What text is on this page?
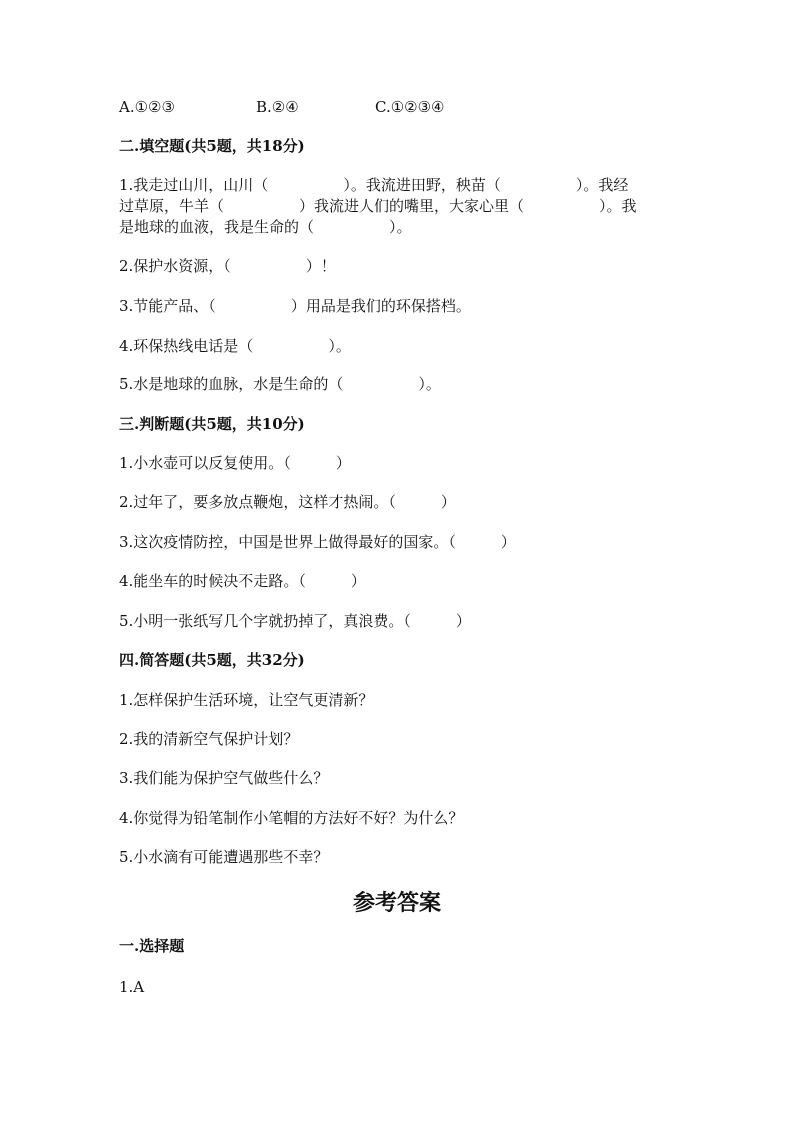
A.①②③	B.②④	C.①②③④
二.填空题(共5题，共18分)
1.我走过山川，山川（　　　　　）。我流进田野，秧苗（　　　　　）。我经
过草原，牛羊（　　　　　）我流进人们的嘴里，大家心里（　　　　　）。我
是地球的血液，我是生命的（　　　　　）。
2.保护水资源，（　　　　　）！
3.节能产品、（　　　　　）用品是我们的环保搭档。
4.环保热线电话是（　　　　　）。
5.水是地球的血脉，水是生命的（　　　　　）。
三.判断题(共5题，共10分)
1.小水壶可以反复使用。（　　　）
2.过年了，要多放点鞭炮，这样才热闹。（　　　）
3.这次疫情防控，中国是世界上做得最好的国家。（　　　）
4.能坐车的时候决不走路。（　　　）
5.小明一张纸写几个字就扔掉了，真浪费。（　　　）
四.简答题(共5题，共32分)
1.怎样保护生活环境，让空气更清新？
2.我的清新空气保护计划？
3.我们能为保护空气做些什么？
4.你觉得为铅笔制作小笔帽的方法好不好？为什么？
5.小水滴有可能遭遇那些不幸？
参考答案
一.选择题
1.A
